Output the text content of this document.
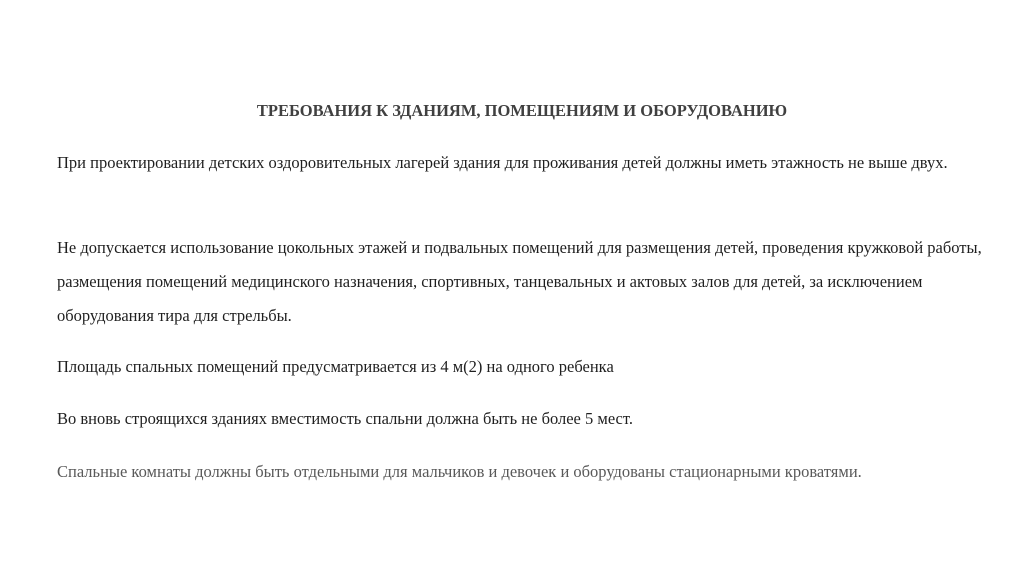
ТРЕБОВАНИЯ К ЗДАНИЯМ, ПОМЕЩЕНИЯМ И ОБОРУДОВАНИЮ

При проектировании детских оздоровительных лагерей здания для проживания детей должны иметь этажность не выше двух.

Не допускается использование цокольных этажей и подвальных помещений для размещения детей, проведения кружковой работы, размещения помещений медицинского назначения, спортивных, танцевальных и актовых залов для детей, за исключением оборудования тира для стрельбы.

Площадь спальных помещений предусматривается из 4 м(2) на одного ребенка

Во вновь строящихся зданиях вместимость спальни должна быть не более 5 мест.

Спальные комнаты должны быть отдельными для мальчиков и девочек и оборудованы стационарными кроватями.
